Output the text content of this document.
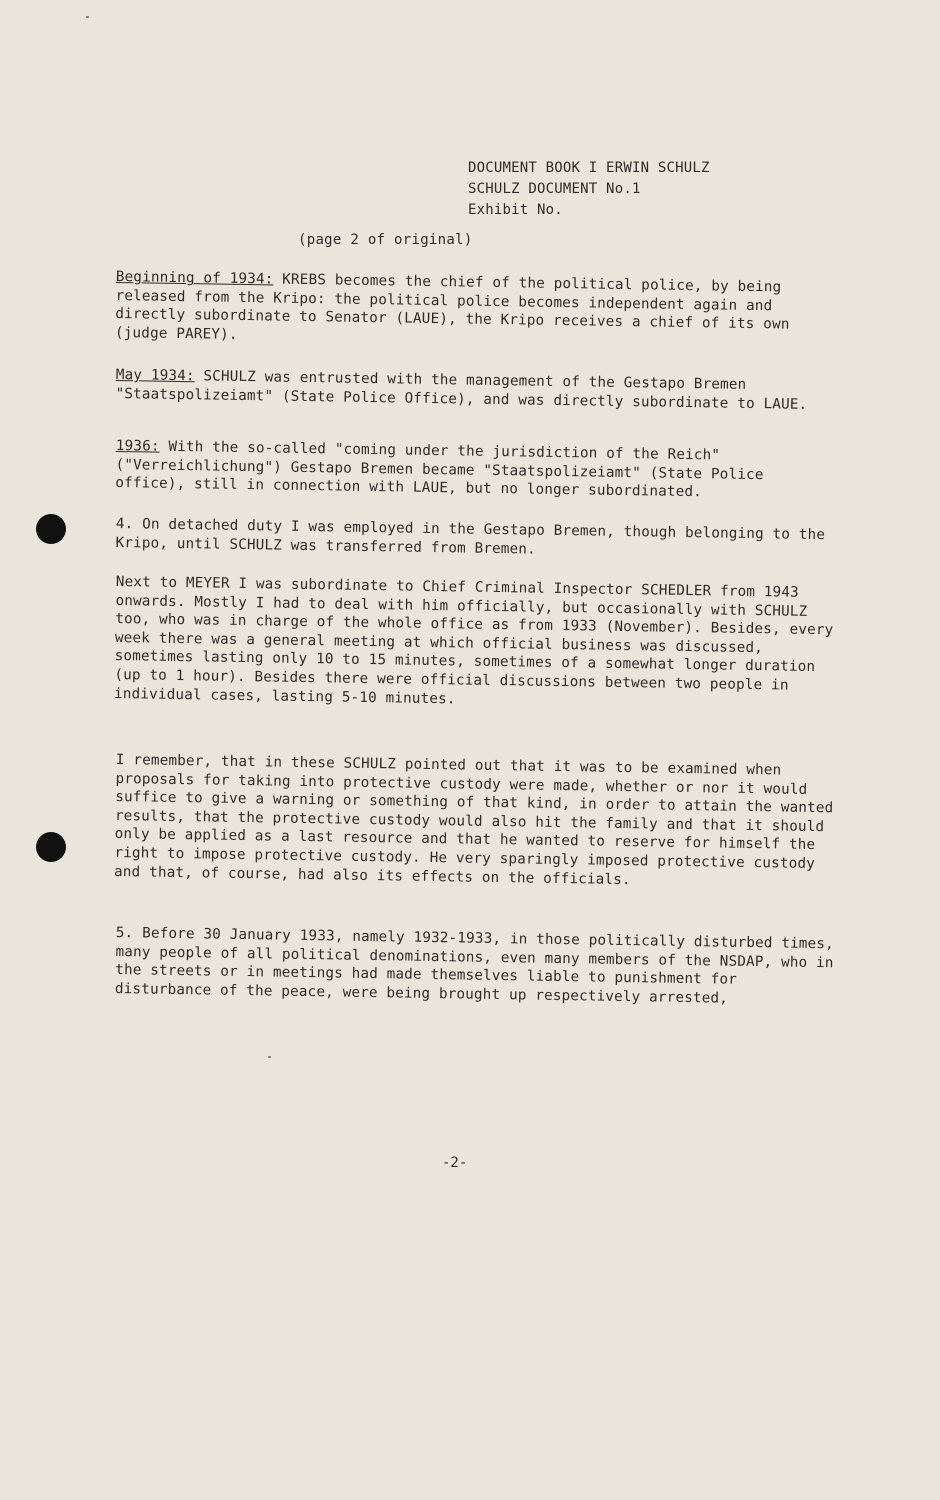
DOCUMENT BOOK I ERWIN SCHULZ
SCHULZ DOCUMENT No.1
Exhibit No.
(page 2 of original)

Beginning of 1934: KREBS becomes the chief of the political police, by being released from the Kripo: the political police becomes independent again and directly subordinate to Senator (LAUE), the Kripo receives a chief of its own (judge PAREY).

May 1934: SCHULZ was entrusted with the management of the Gestapo Bremen "Staatspolizeiamt" (State Police Office), and was directly subordinate to LAUE.

1936: With the so-called "coming under the jurisdiction of the Reich" ("Verreichlichung") Gestapo Bremen became "Staatspolizeiamt" (State Police office), still in connection with LAUE, but no longer subordinated.

4. On detached duty I was employed in the Gestapo Bremen, though belonging to the Kripo, until SCHULZ was transferred from Bremen.

Next to MEYER I was subordinate to Chief Criminal Inspector SCHEDLER from 1943 onwards. Mostly I had to deal with him officially, but occasionally with SCHULZ too, who was in charge of the whole office as from 1933 (November). Besides, every week there was a general meeting at which official business was discussed, sometimes lasting only 10 to 15 minutes, sometimes of a somewhat longer duration (up to 1 hour). Besides there were official discussions between two people in individual cases, lasting 5-10 minutes.

I remember, that in these SCHULZ pointed out that it was to be examined when proposals for taking into protective custody were made, whether or nor it would suffice to give a warning or something of that kind, in order to attain the wanted results, that the protective custody would also hit the family and that it should only be applied as a last resource and that he wanted to reserve for himself the right to impose protective custody. He very sparingly imposed protective custody and that, of course, had also its effects on the officials.

5. Before 30 January 1933, namely 1932-1933, in those politically disturbed times, many people of all political denominations, even many members of the NSDAP, who in the streets or in meetings had made themselves liable to punishment for disturbance of the peace, were being brought up respectively arrested,

-2-
